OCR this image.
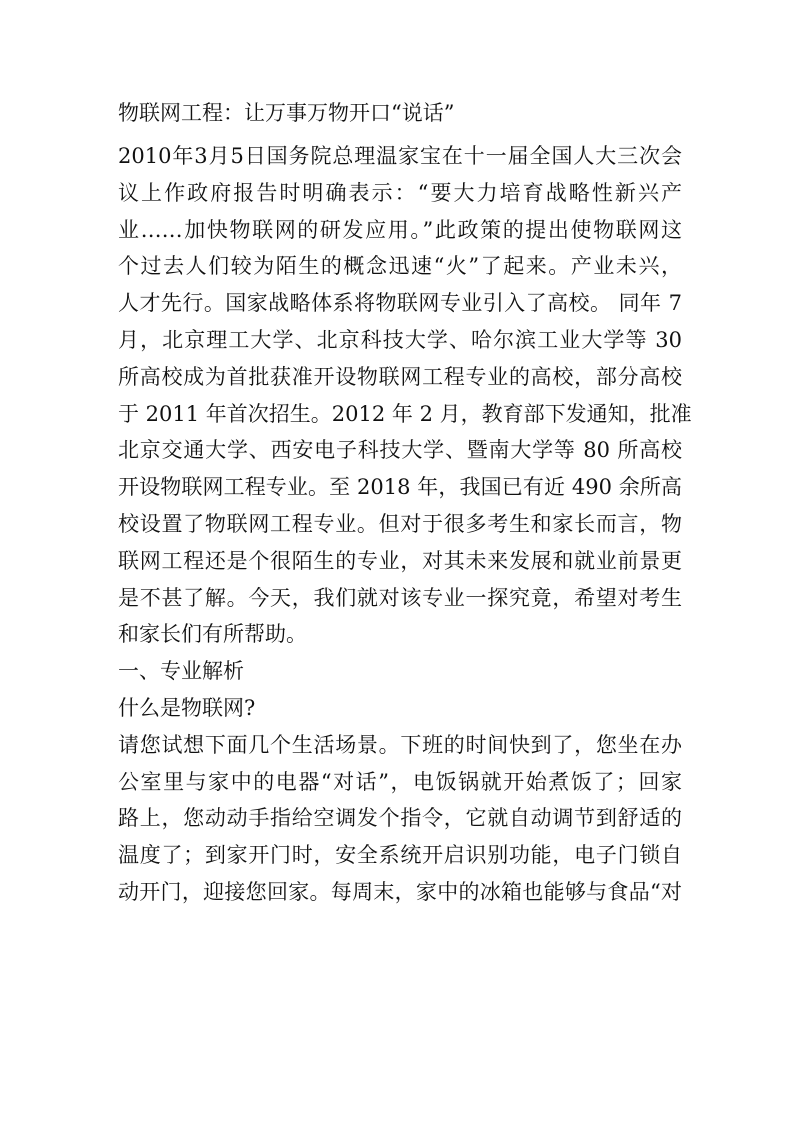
物联网工程：让万事万物开口“说话”
2010年3月5日国务院总理温家宝在十一届全国人大三次会
议上作政府报告时明确表示：“要大力培育战略性新兴产
业……加快物联网的研发应用。”此政策的提出使物联网这
个过去人们较为陌生的概念迅速“火”了起来。产业未兴，
人才先行。国家战略体系将物联网专业引入了高校。 同年 7
月，北京理工大学、北京科技大学、哈尔滨工业大学等 30
所高校成为首批获准开设物联网工程专业的高校，部分高校
于 2011 年首次招生。2012 年 2 月，教育部下发通知，批准
北京交通大学、西安电子科技大学、暨南大学等 80 所高校
开设物联网工程专业。至 2018 年，我国已有近 490 余所高
校设置了物联网工程专业。但对于很多考生和家长而言，物
联网工程还是个很陌生的专业，对其未来发展和就业前景更
是不甚了解。今天，我们就对该专业一探究竟，希望对考生
和家长们有所帮助。
一、专业解析
什么是物联网?
请您试想下面几个生活场景。下班的时间快到了，您坐在办
公室里与家中的电器“对话”，电饭锅就开始煮饭了；回家
路上，您动动手指给空调发个指令，它就自动调节到舒适的
温度了；到家开门时，安全系统开启识别功能，电子门锁自
动开门，迎接您回家。每周末，家中的冰箱也能够与食品“对
